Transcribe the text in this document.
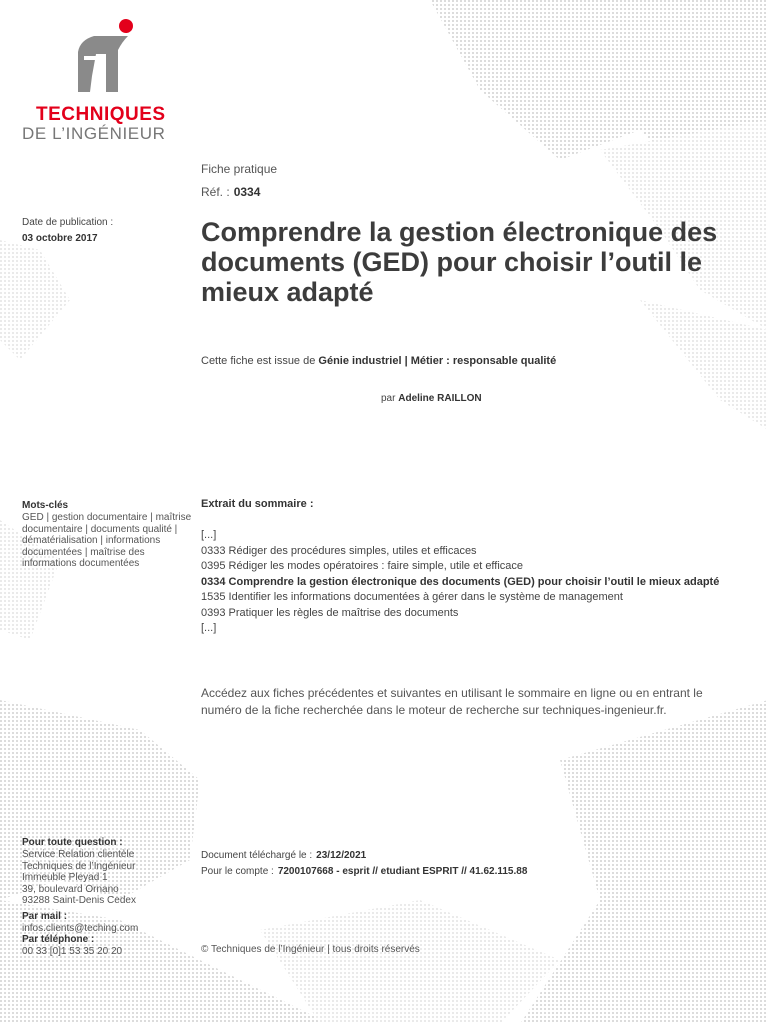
TECHNIQUES
DE L’INGÉNIEUR
Date de publication :
03 octobre 2017
Mots-clés
GED | gestion documentaire | maîtrise documentaire | documents qualité | dématérialisation | informations documentées | maîtrise des informations documentées
Pour toute question :
Service Relation clientèle
Techniques de l’Ingénieur
Immeuble Pleyad 1
39, boulevard Ornano
93288 Saint-Denis Cedex
Par mail :
infos.clients@teching.com
Par téléphone :
00 33 [0]1 53 35 20 20
Fiche pratique
Réf. : 0334
Comprendre la gestion électronique des documents (GED) pour choisir l’outil le mieux adapté
Cette fiche est issue de Génie industriel | Métier : responsable qualité
par Adeline RAILLON
Extrait du sommaire :
[...]
0333 Rédiger des procédures simples, utiles et efficaces
0395 Rédiger les modes opératoires : faire simple, utile et efficace
0334 Comprendre la gestion électronique des documents (GED) pour choisir l’outil le mieux adapté
1535 Identifier les informations documentées à gérer dans le système de management
0393 Pratiquer les règles de maîtrise des documents
[...]
Accédez aux fiches précédentes et suivantes en utilisant le sommaire en ligne ou en entrant le numéro de la fiche recherchée dans le moteur de recherche sur techniques-ingenieur.fr.
Document téléchargé le : 23/12/2021
Pour le compte : 7200107668 - esprit // etudiant ESPRIT // 41.62.115.88
© Techniques de l’Ingénieur | tous droits réservés
